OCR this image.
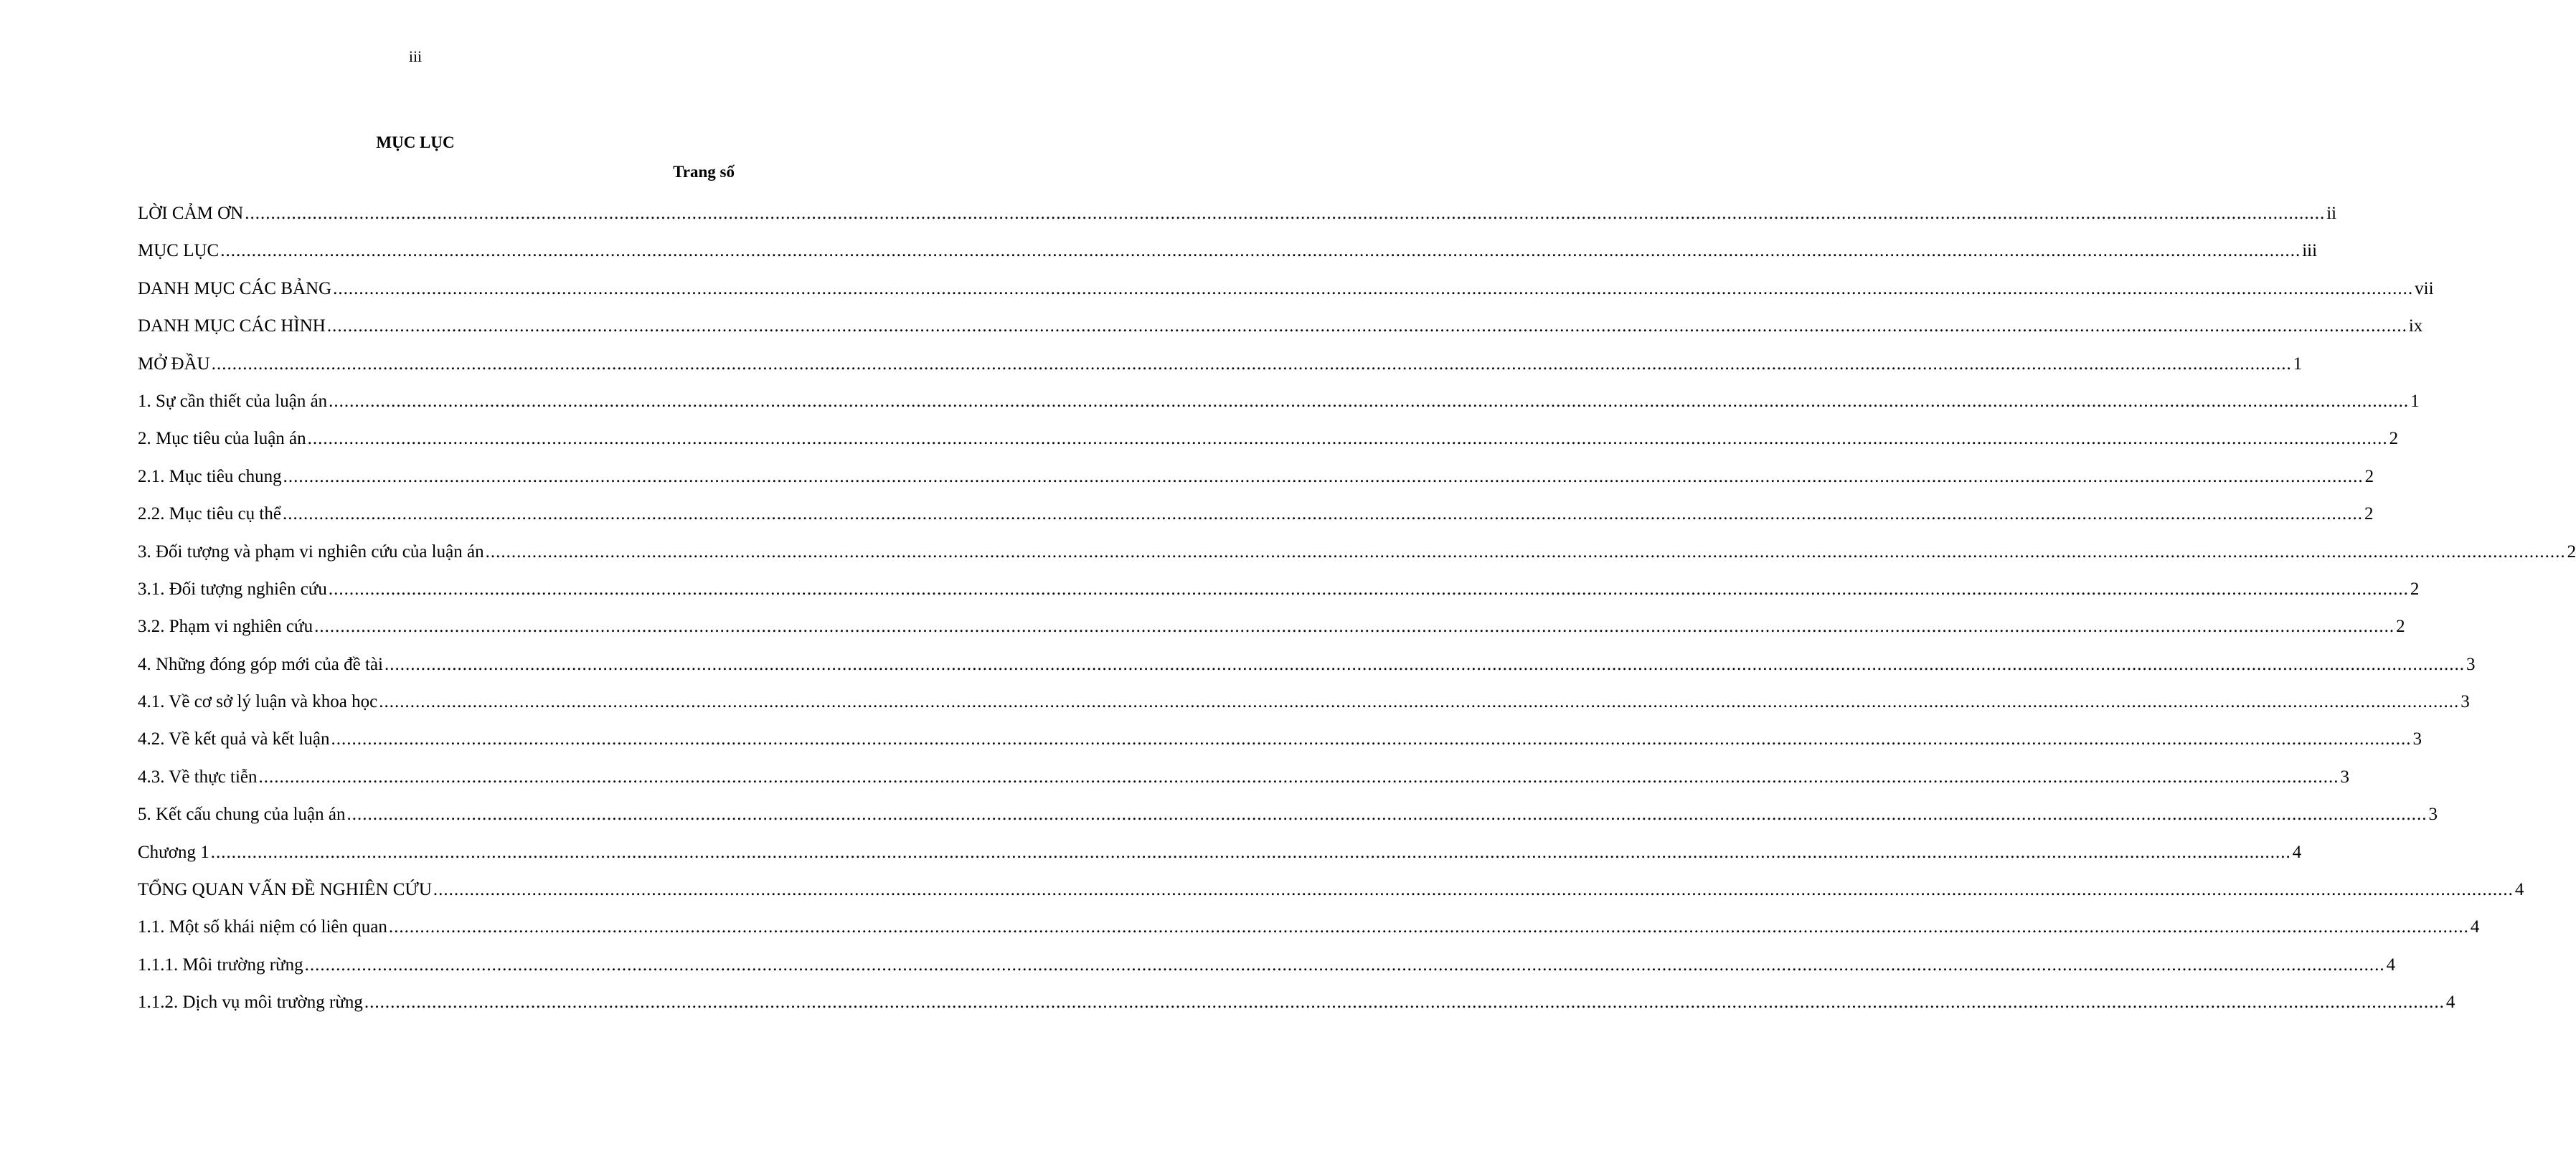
iii
MỤC LỤC
Trang số
LỜI CẢM ƠN ................................................................................................................................................................................................................................................................................................................................................................................................................ ii
MỤC LỤC ................................................................................................................................................................................................................................................................................................................................................................................................................ iii
DANH MỤC CÁC BẢNG ................................................................................................................................................................................................................................................................................................................................................................................................................ vii
DANH MỤC CÁC HÌNH ................................................................................................................................................................................................................................................................................................................................................................................................................ ix
MỞ ĐẦU ................................................................................................................................................................................................................................................................................................................................................................................................................ 1
1. Sự cần thiết của luận án ................................................................................................................................................................................................................................................................................................................................................................................................................ 1
2. Mục tiêu của luận án ................................................................................................................................................................................................................................................................................................................................................................................................................ 2
2.1. Mục tiêu chung ................................................................................................................................................................................................................................................................................................................................................................................................................ 2
2.2. Mục tiêu cụ thể ................................................................................................................................................................................................................................................................................................................................................................................................................ 2
3. Đối tượng và phạm vi nghiên cứu của luận án ................................................................................................................................................................................................................................................................................................................................................................................................................ 2
3.1. Đối tượng nghiên cứu ................................................................................................................................................................................................................................................................................................................................................................................................................ 2
3.2. Phạm vi nghiên cứu ................................................................................................................................................................................................................................................................................................................................................................................................................ 2
4. Những đóng góp mới của đề tài ................................................................................................................................................................................................................................................................................................................................................................................................................ 3
4.1. Về cơ sở lý luận và khoa học ................................................................................................................................................................................................................................................................................................................................................................................................................ 3
4.2. Về kết quả và kết luận ................................................................................................................................................................................................................................................................................................................................................................................................................ 3
4.3. Về thực tiễn ................................................................................................................................................................................................................................................................................................................................................................................................................ 3
5. Kết cấu chung của luận án ................................................................................................................................................................................................................................................................................................................................................................................................................ 3
Chương 1 ................................................................................................................................................................................................................................................................................................................................................................................................................ 4
TỔNG QUAN VẤN ĐỀ NGHIÊN CỨU ................................................................................................................................................................................................................................................................................................................................................................................................................ 4
1.1. Một số khái niệm có liên quan ................................................................................................................................................................................................................................................................................................................................................................................................................ 4
1.1.1. Môi trường rừng ................................................................................................................................................................................................................................................................................................................................................................................................................ 4
1.1.2. Dịch vụ môi trường rừng ................................................................................................................................................................................................................................................................................................................................................................................................................ 4
